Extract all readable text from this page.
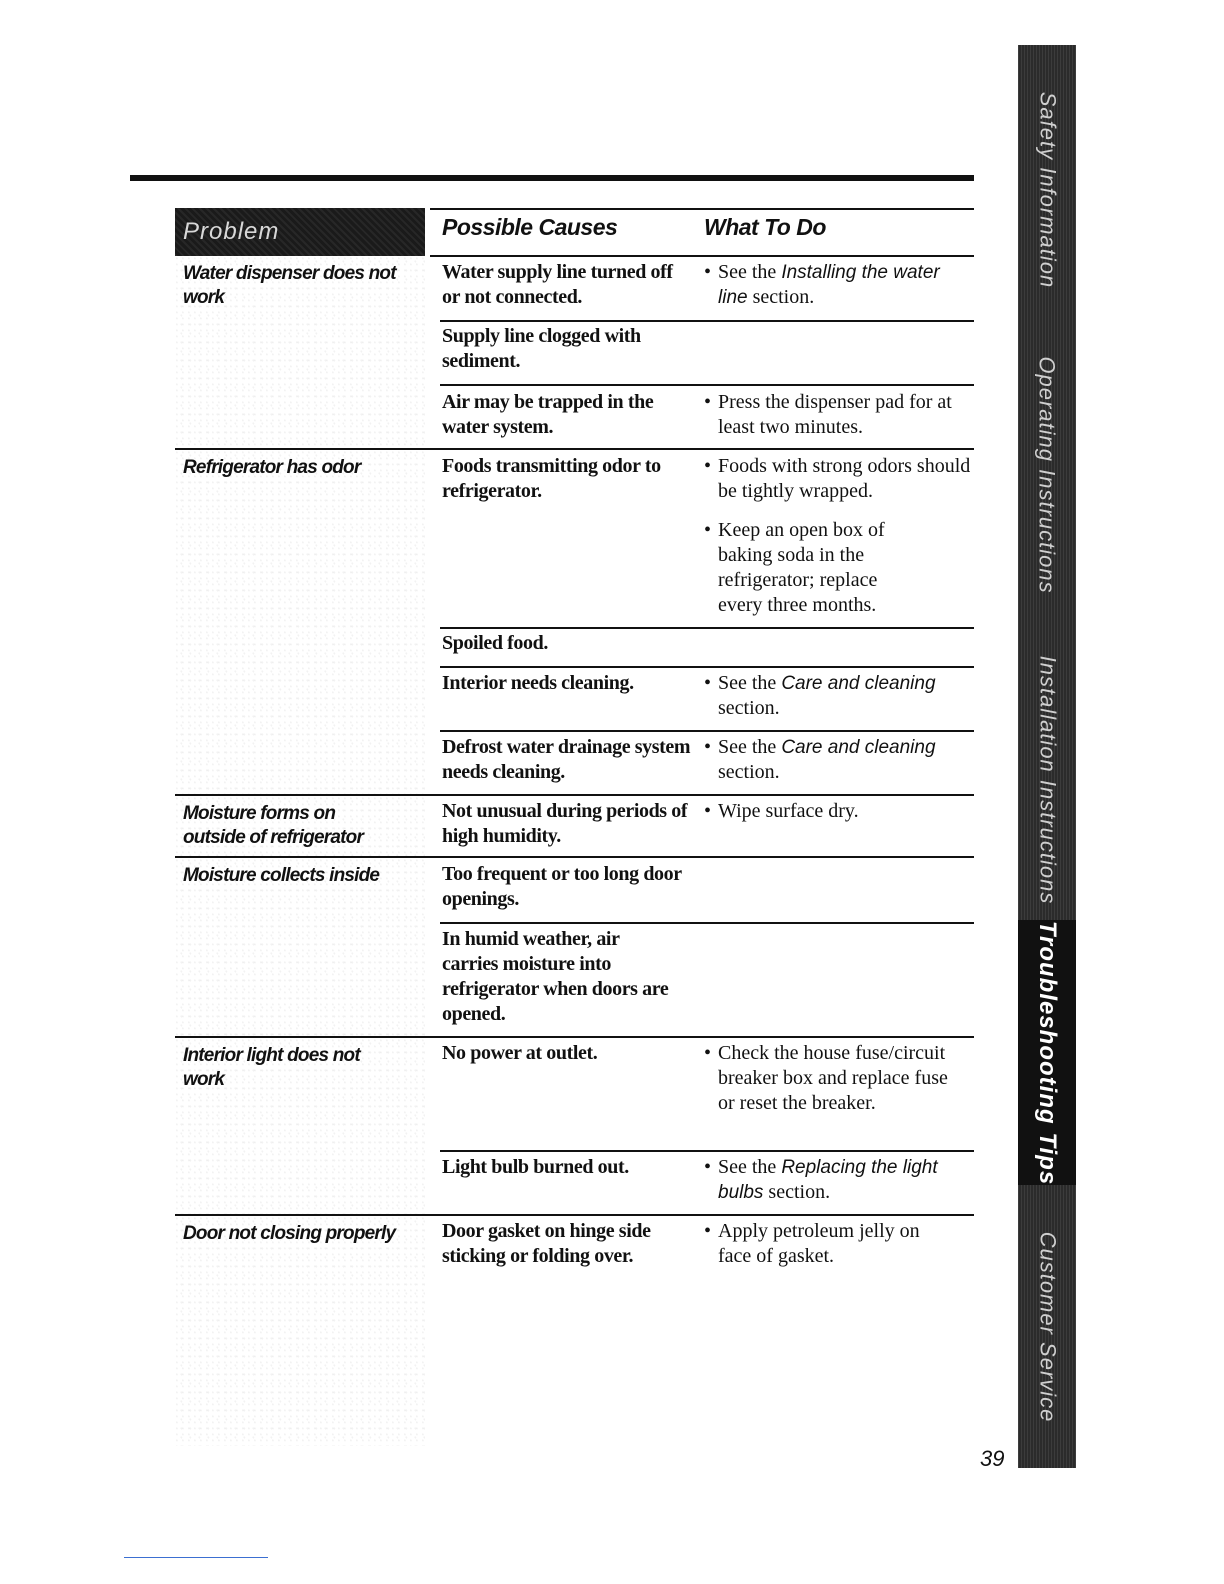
Problem	Possible Causes	What To Do
Water dispenser does not work
Refrigerator has odor
Moisture forms on outside of refrigerator
Moisture collects inside
Interior light does not work
Door not closing properly
Water supply line turned off or not connected.
Supply line clogged with sediment.
Air may be trapped in the water system.
Foods transmitting odor to refrigerator.
Spoiled food.
Interior needs cleaning.
Defrost water drainage system needs cleaning.
Not unusual during periods of high humidity.
Too frequent or too long door openings.
In humid weather, air carries moisture into refrigerator when doors are opened.
No power at outlet.
Light bulb burned out.
Door gasket on hinge side sticking or folding over.
• See the Installing the water line section.
• Press the dispenser pad for at least two minutes.
• Foods with strong odors should be tightly wrapped.
• Keep an open box of baking soda in the refrigerator; replace every three months.
• See the Care and cleaning section.
• See the Care and cleaning section.
• Wipe surface dry.
• Check the house fuse/circuit breaker box and replace fuse or reset the breaker.
• See the Replacing the light bulbs section.
• Apply petroleum jelly on face of gasket.
Safety Information
Operating Instructions
Installation Instructions
Troubleshooting Tips
Customer Service
39
